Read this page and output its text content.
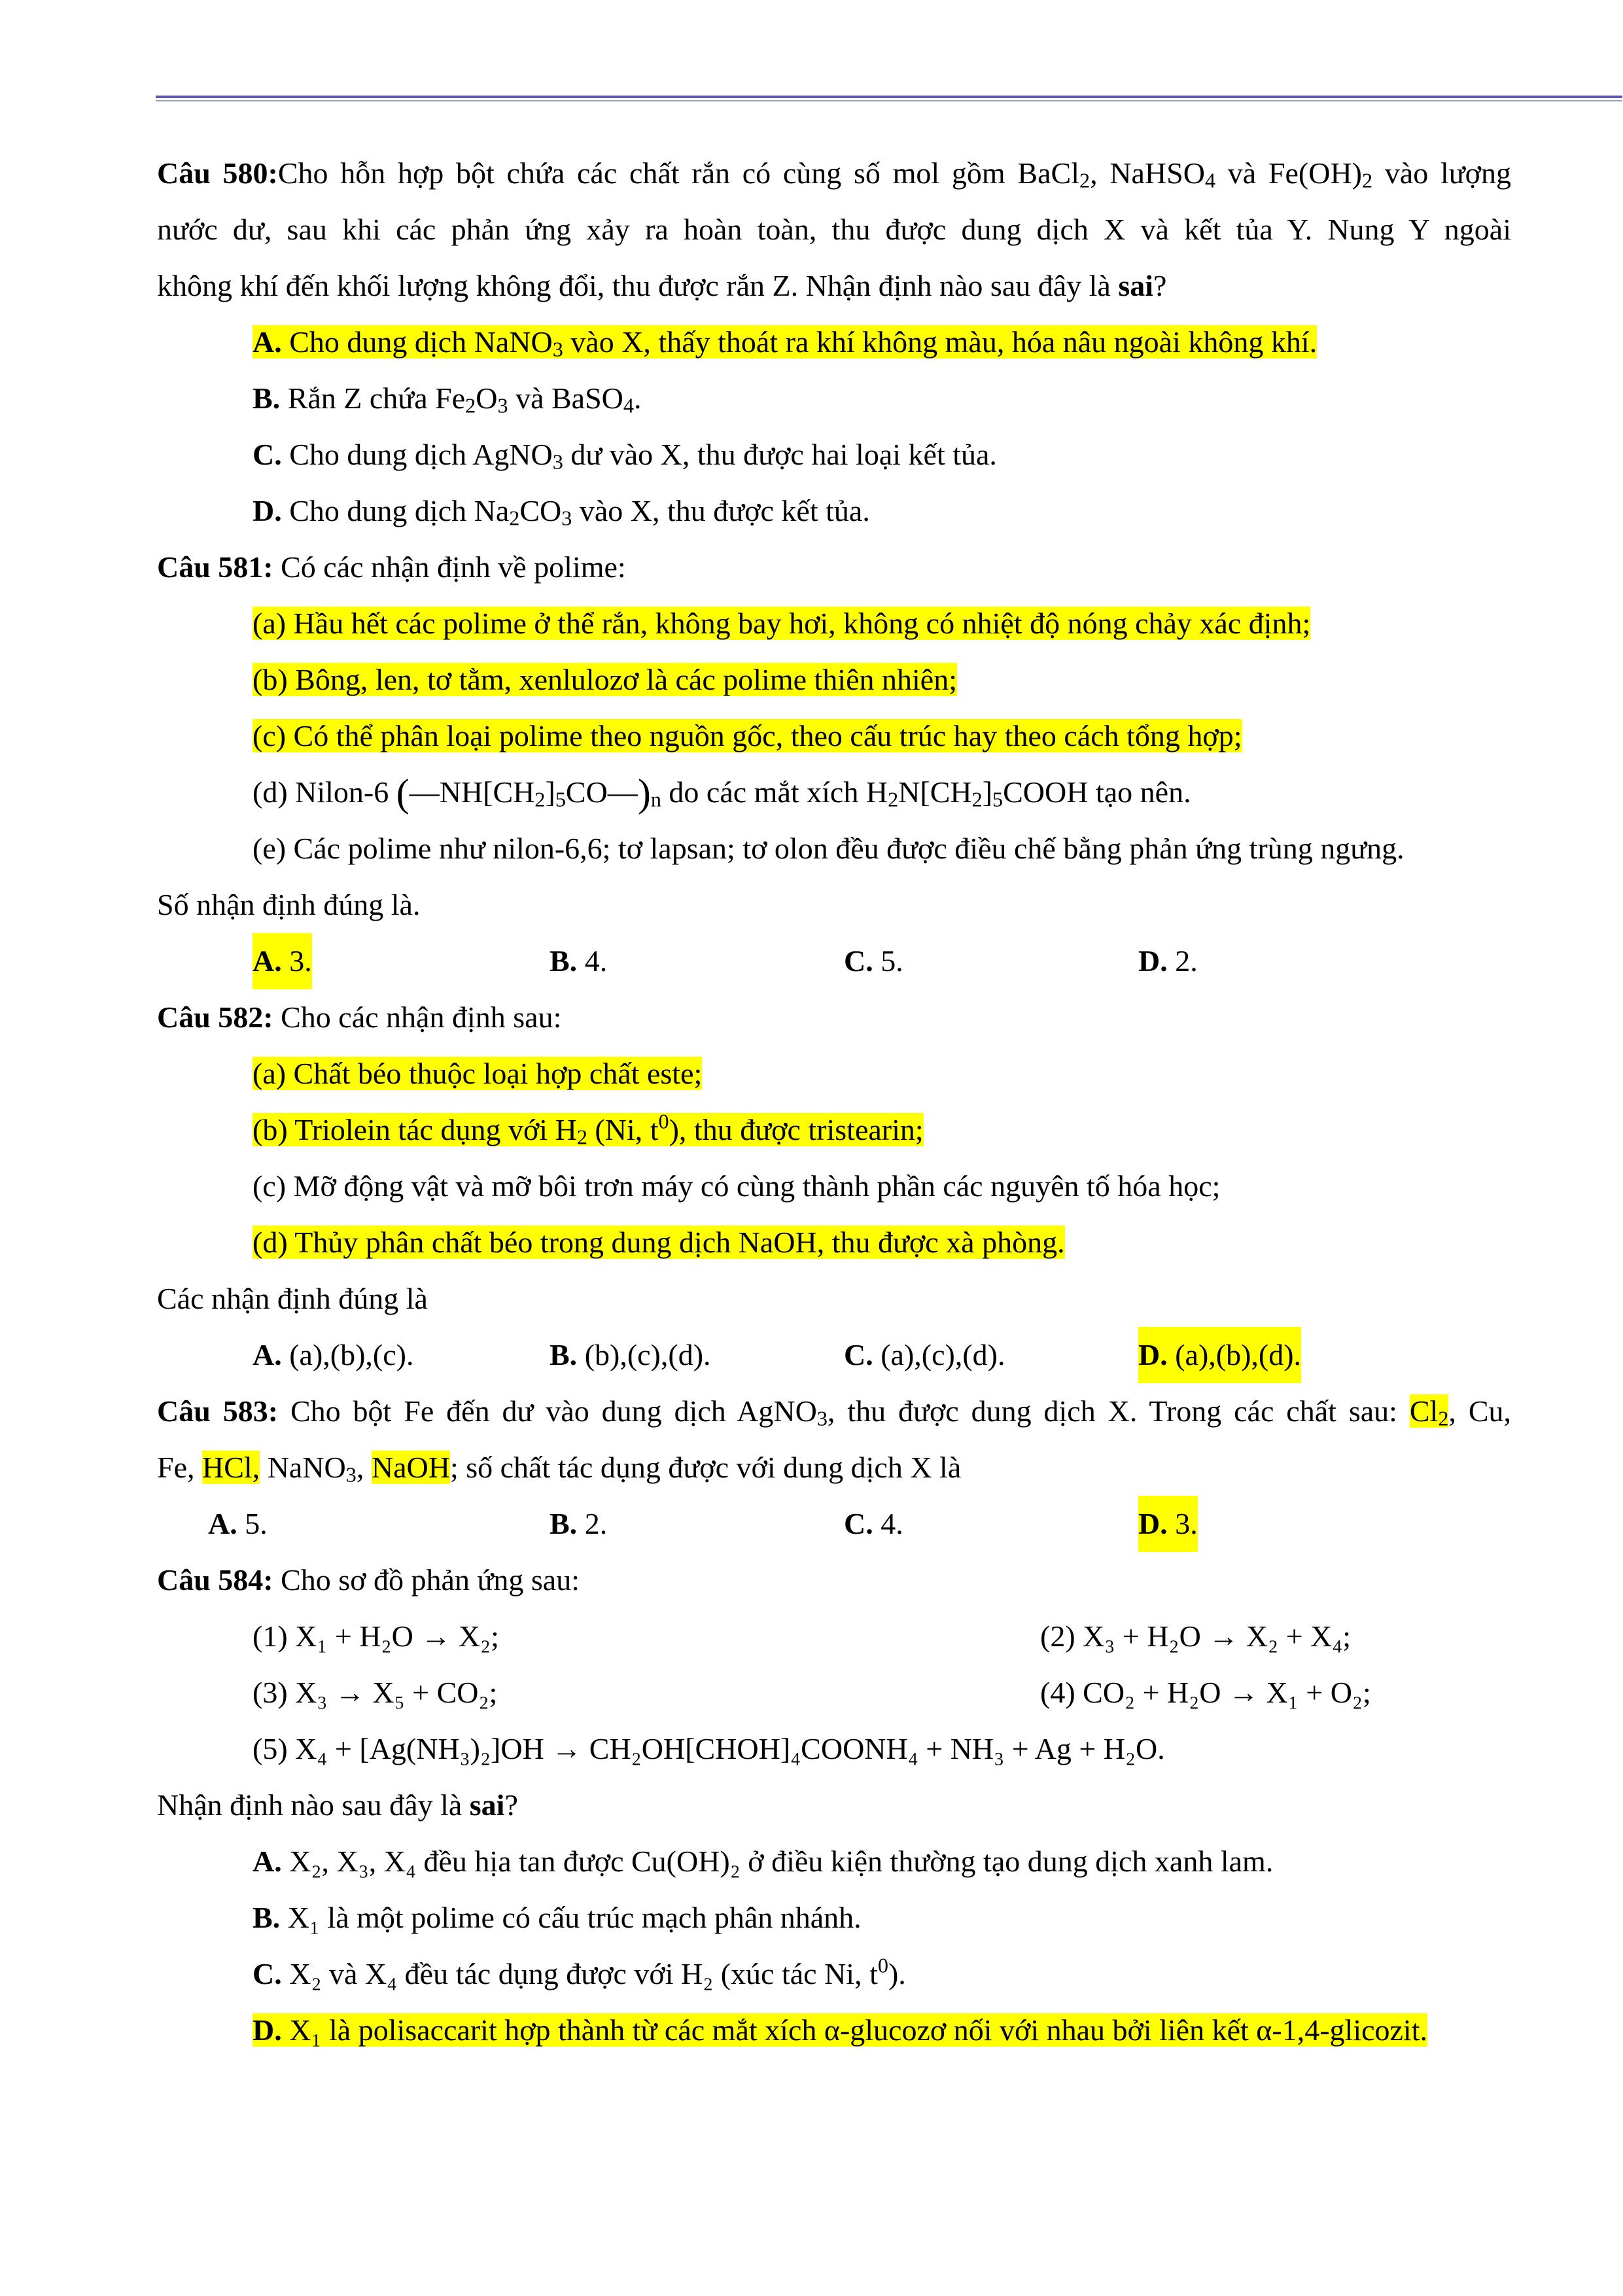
Câu 580:Cho hỗn hợp bột chứa các chất rắn có cùng số mol gồm BaCl$_2$, NaHSO$_4$ và $Fe(OH)_2$ vào lượng
nước dư, sau khi các phản ứng xảy ra hoàn toàn, thu được dung dịch X và kết tủa Y. Nung Y ngoài
không khí đến khối lượng không đổi, thu được rắn Z. Nhận định nào sau đây là sai?
A. Cho dung dịch NaNO$_3$ vào X, thấy thoát ra khí không màu, hóa nâu ngoài không khí.
B. Rắn Z chứa $Fe_2O_3$ và BaSO$_4$.
C. Cho dung dịch AgNO$_3$ dư vào X, thu được hai loại kết tủa.
D. Cho dung dịch $Na_2CO_3$ vào X, thu được kết tủa.
Câu 581: Có các nhận định về polime:
(a) Hầu hết các polime ở thể rắn, không bay hơi, không có nhiệt độ nóng chảy xác định;
(b) Bông, len, tơ tằm, xenlulozơ là các polime thiên nhiên;
(c) Có thể phân loại polime theo nguồn gốc, theo cấu trúc hay theo cách tổng hợp;
(d) Nilon-6 $(—NH[CH_2]_5CO—)_n$ do các mắt xích $H_2N[CH_2]_5COOH$ tạo nên.
(e) Các polime như nilon-6,6; tơ lapsan; tơ olon đều được điều chế bằng phản ứng trùng ngưng.
Số nhận định đúng là.
A. 3.	B. 4.	C. 5.	D. 2.
Câu 582: Cho các nhận định sau:
(a) Chất béo thuộc loại hợp chất este;
(b) Triolein tác dụng với $H_2$ (Ni, $t^0$), thu được tristearin;
(c) Mỡ động vật và mỡ bôi trơn máy có cùng thành phần các nguyên tố hóa học;
(d) Thủy phân chất béo trong dung dịch NaOH, thu được xà phòng.
Các nhận định đúng là
A. (a),(b),(c).	B. (b),(c),(d).	C. (a),(c),(d).	D. (a),(b),(d).
Câu 583: Cho bột Fe đến dư vào dung dịch AgNO$_3$, thu được dung dịch X. Trong các chất sau: $Cl_2$, Cu,
Fe, HCl, NaNO$_3$, NaOH; số chất tác dụng được với dung dịch X là
A. 5.	B. 2.	C. 4.	D. 3.
Câu 584: Cho sơ đồ phản ứng sau:
(1) X₁ + H₂O → X₂;	(2) X₃ + H₂O → X₂ + X₄;
(3) X₃ → X₅ + CO₂;	(4) CO₂ + H₂O → X₁ + O₂;
(5) X₄ + [Ag(NH₃)₂]OH → CH₂OH[CHOH]₄COONH₄ + NH₃ + Ag + H₂O.
Nhận định nào sau đây là sai?
A. X₂, X₃, X₄ đều hịa tan được Cu(OH)₂ ở điều kiện thường tạo dung dịch xanh lam.
B. X₁ là một polime có cấu trúc mạch phân nhánh.
C. X₂ và X₄ đều tác dụng được với H₂ (xúc tác Ni, $t^0$).
D. X₁ là polisaccarit hợp thành từ các mắt xích α-glucozơ nối với nhau bởi liên kết α-1,4-glicozit.
